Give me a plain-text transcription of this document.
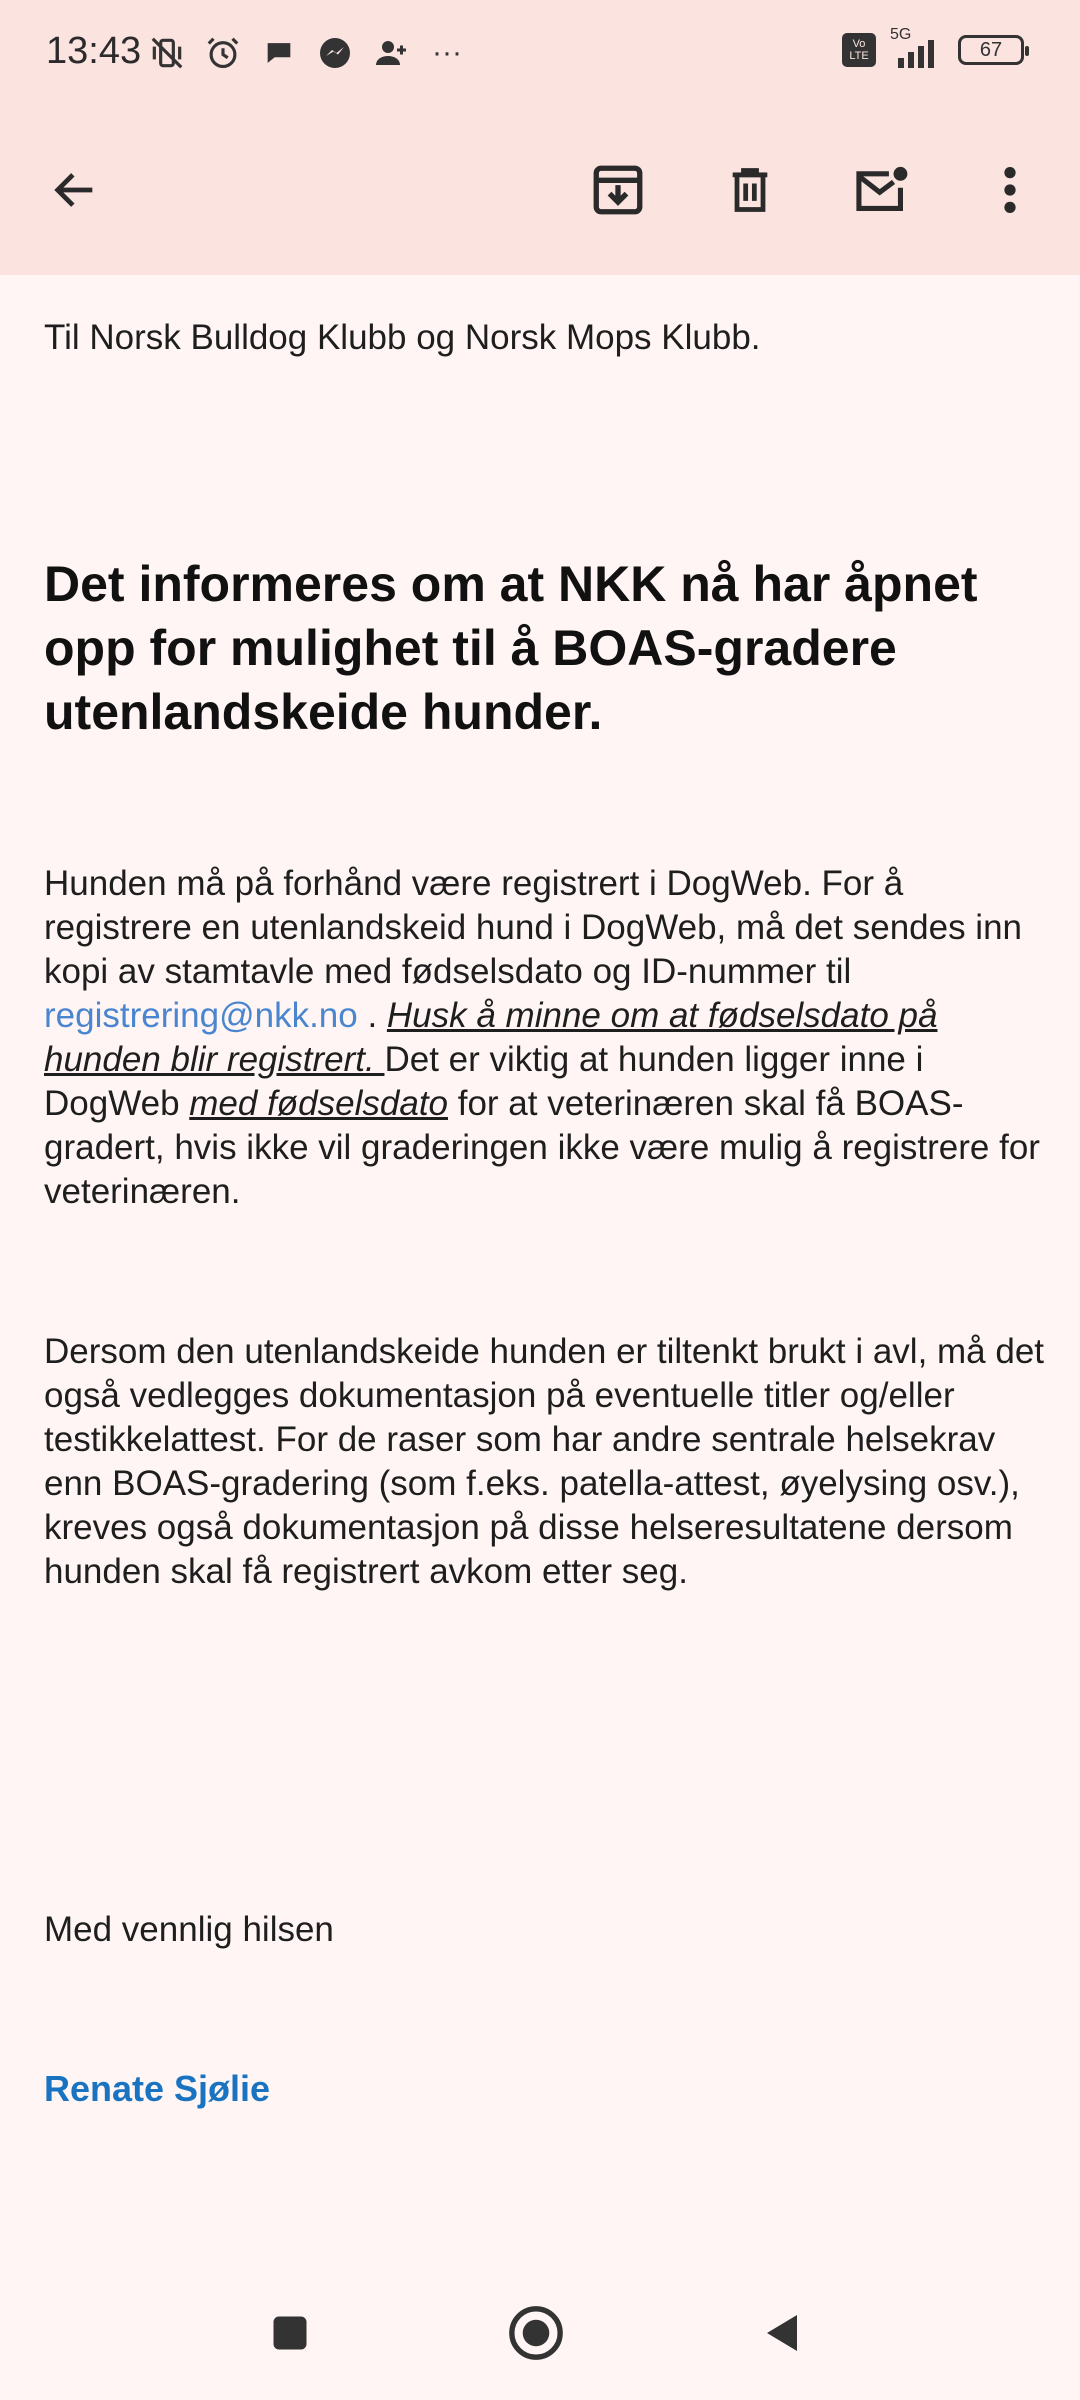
13:43	···	Vo LTE
5G
67
Til Norsk Bulldog Klubb og Norsk Mops Klubb.
Det informeres om at NKK nå har åpnet opp for mulighet til å BOAS-gradere utenlandskeide hunder.
Hunden må på forhånd være registrert i DogWeb. For å registrere en utenlandskeid hund i DogWeb, må det sendes inn kopi av stamtavle med fødselsdato og ID-nummer til registrering@nkk.no . Husk å minne om at fødselsdato på hunden blir registrert. Det er viktig at hunden ligger inne i DogWeb med fødselsdato for at veterinæren skal få BOAS-gradert, hvis ikke vil graderingen ikke være mulig å registrere for veterinæren.
Dersom den utenlandskeide hunden er tiltenkt brukt i avl, må det også vedlegges dokumentasjon på eventuelle titler og/eller testikkelattest. For de raser som har andre sentrale helsekrav enn BOAS-gradering (som f.eks. patella-attest, øyelysing osv.), kreves også dokumentasjon på disse helseresultatene dersom hunden skal få registrert avkom etter seg.
Med vennlig hilsen
Renate Sjølie
